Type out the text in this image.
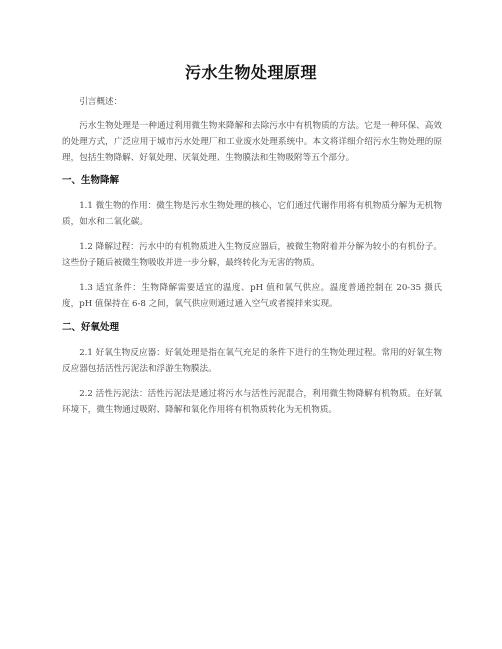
污水生物处理原理

引言概述：

污水生物处理是一种通过利用微生物来降解和去除污水中有机物质的方法。它是一种环保、高效的处理方式，广泛应用于城市污水处理厂和工业废水处理系统中。本文将详细介绍污水生物处理的原理，包括生物降解、好氧处理、厌氧处理、生物膜法和生物吸附等五个部分。

一、生物降解

1.1 微生物的作用：微生物是污水生物处理的核心，它们通过代谢作用将有机物质分解为无机物质，如水和二氧化碳。

1.2 降解过程：污水中的有机物质进入生物反应器后，被微生物附着并分解为较小的有机份子。这些份子随后被微生物吸收并进一步分解，最终转化为无害的物质。

1.3 适宜条件：生物降解需要适宜的温度、pH 值和氧气供应。温度普通控制在 20-35 摄氏度，pH 值保持在 6-8 之间，氧气供应则通过通入空气或者搅拌来实现。

二、好氧处理

2.1 好氧生物反应器：好氧处理是指在氧气充足的条件下进行的生物处理过程。常用的好氧生物反应器包括活性污泥法和浮游生物膜法。

2.2 活性污泥法：活性污泥法是通过将污水与活性污泥混合，利用微生物降解有机物质。在好氧环境下，微生物通过吸附、降解和氧化作用将有机物质转化为无机物质。
